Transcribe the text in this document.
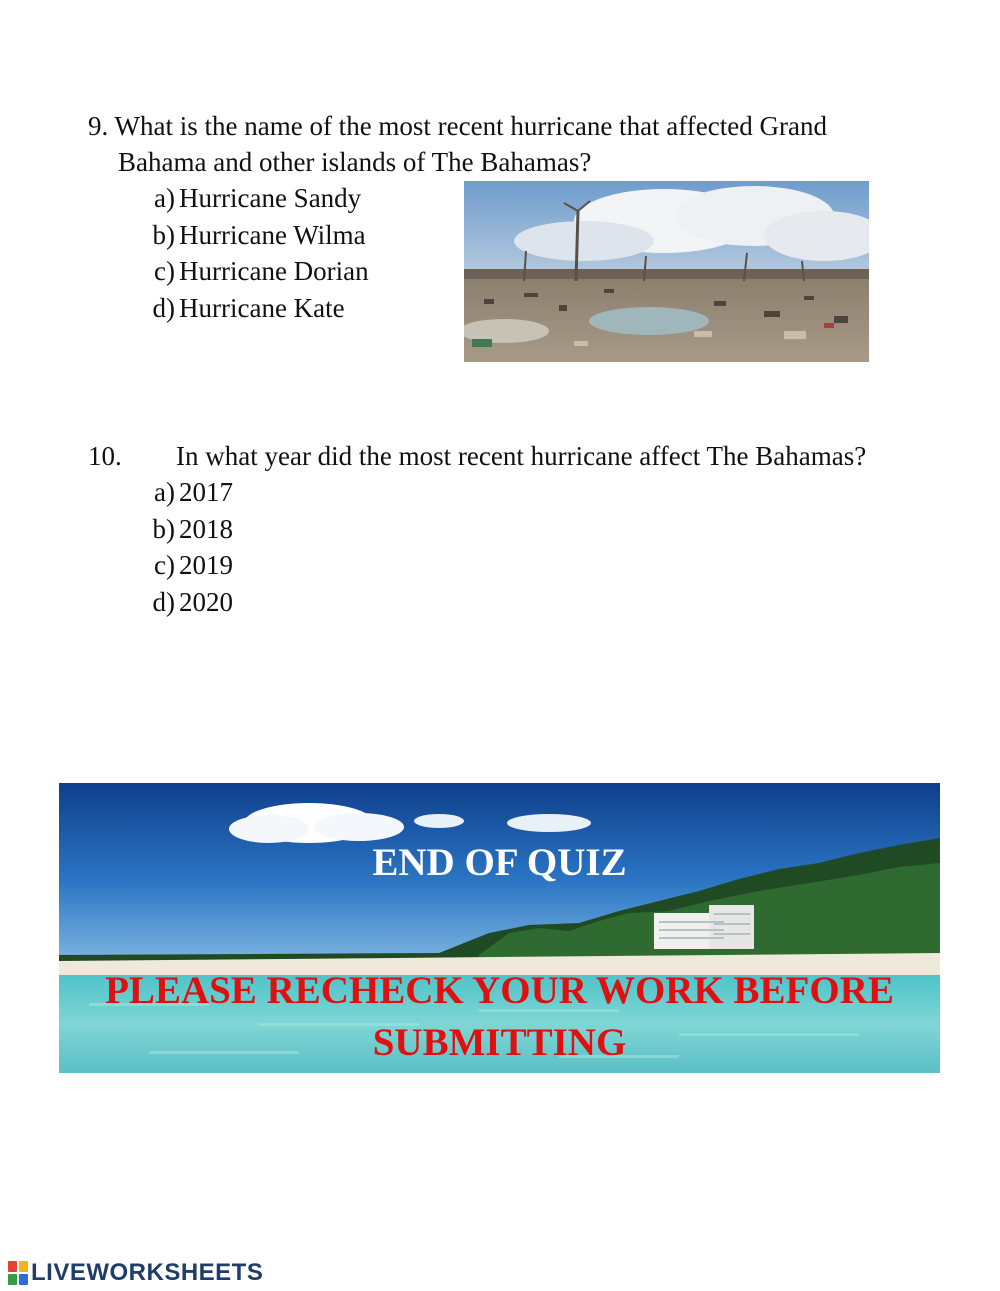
9. What is the name of the most recent hurricane that affected Grand
Bahama and other islands of The Bahamas?
a) Hurricane Sandy
b) Hurricane Wilma
c) Hurricane Dorian
d) Hurricane Kate
10. In what year did the most recent hurricane affect The Bahamas?
a) 2017
b) 2018
c) 2019
d) 2020
END OF QUIZ
PLEASE RECHECK YOUR WORK BEFORE
SUBMITTING
LIVEWORKSHEETS
